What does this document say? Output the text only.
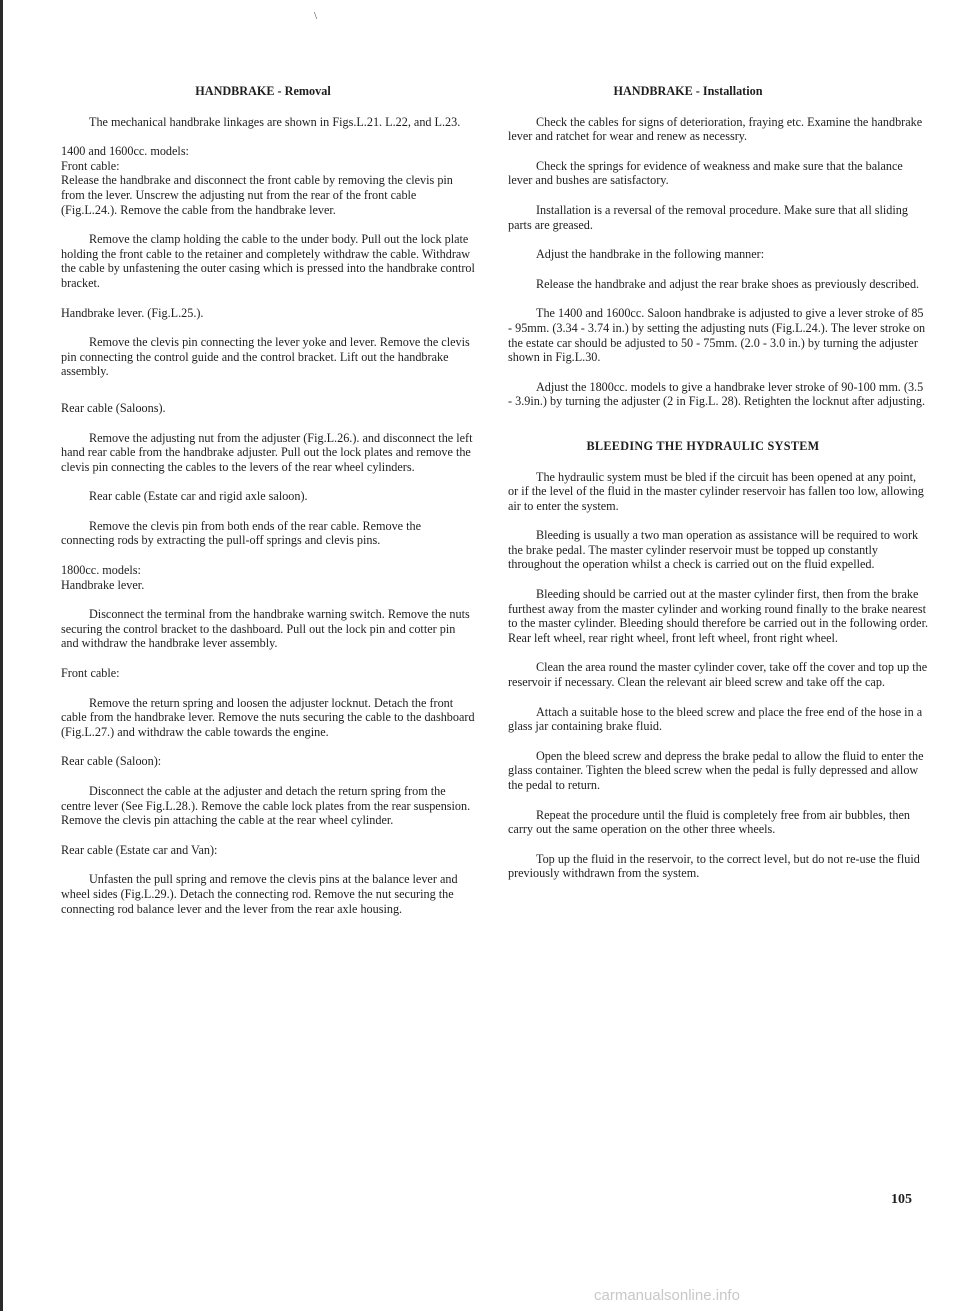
\
HANDBRAKE - Removal

The mechanical handbrake linkages are shown in Figs.L.21. L.22, and L.23.

1400 and 1600cc. models:

Front cable:

Release the handbrake and disconnect the front cable by removing the clevis pin from the lever. Unscrew the adjusting nut from the rear of the front cable (Fig.L.24.). Remove the cable from the handbrake lever.

Remove the clamp holding the cable to the under body. Pull out the lock plate holding the front cable to the retainer and completely withdraw the cable. Withdraw the cable by unfastening the outer casing which is pressed into the handbrake control bracket.

Handbrake lever. (Fig.L.25.).

Remove the clevis pin connecting the lever yoke and lever. Remove the clevis pin connecting the control guide and the control bracket. Lift out the handbrake assembly.

Rear cable (Saloons).

Remove the adjusting nut from the adjuster (Fig.L.26.). and disconnect the left hand rear cable from the handbrake adjuster. Pull out the lock plates and remove the clevis pin connecting the cables to the levers of the rear wheel cylinders.

Rear cable (Estate car and rigid axle saloon).

Remove the clevis pin from both ends of the rear cable. Remove the connecting rods by extracting the pull-off springs and clevis pins.

1800cc. models:

Handbrake lever.

Disconnect the terminal from the handbrake warning switch. Remove the nuts securing the control bracket to the dashboard. Pull out the lock pin and cotter pin and withdraw the handbrake lever assembly.

Front cable:

Remove the return spring and loosen the adjuster locknut. Detach the front cable from the handbrake lever. Remove the nuts securing the cable to the dashboard (Fig.L.27.) and withdraw the cable towards the engine.

Rear cable (Saloon):

Disconnect the cable at the adjuster and detach the return spring from the centre lever (See Fig.L.28.). Remove the cable lock plates from the rear suspension. Remove the clevis pin attaching the cable at the rear wheel cylinder.

Rear cable (Estate car and Van):

Unfasten the pull spring and remove the clevis pins at the balance lever and wheel sides (Fig.L.29.). Detach the connecting rod. Remove the nut securing the connecting rod balance lever and the lever from the rear axle housing.

HANDBRAKE - Installation

Check the cables for signs of deterioration, fraying etc. Examine the handbrake lever and ratchet for wear and renew as necessry.

Check the springs for evidence of weakness and make sure that the balance lever and bushes are satisfactory.

Installation is a reversal of the removal procedure. Make sure that all sliding parts are greased.

Adjust the handbrake in the following manner:

Release the handbrake and adjust the rear brake shoes as previously described.

The 1400 and 1600cc. Saloon handbrake is adjusted to give a lever stroke of 85 - 95mm. (3.34 - 3.74 in.) by setting the adjusting nuts (Fig.L.24.). The lever stroke on the estate car should be adjusted to 50 - 75mm. (2.0 - 3.0 in.) by turning the adjuster shown in Fig.L.30.

Adjust the 1800cc. models to give a handbrake lever stroke of 90-100 mm. (3.5 - 3.9in.) by turning the adjuster (2 in Fig.L. 28). Retighten the locknut after adjusting.

BLEEDING THE HYDRAULIC SYSTEM

The hydraulic system must be bled if the circuit has been opened at any point, or if the level of the fluid in the master cylinder reservoir has fallen too low, allowing air to enter the system.

Bleeding is usually a two man operation as assistance will be required to work the brake pedal. The master cylinder reservoir must be topped up constantly throughout the operation whilst a check is carried out on the fluid expelled.

Bleeding should be carried out at the master cylinder first, then from the brake furthest away from the master cylinder and working round finally to the brake nearest to the master cylinder. Bleeding should therefore be carried out in the following order. Rear left wheel, rear right wheel, front left wheel, front right wheel.

Clean the area round the master cylinder cover, take off the cover and top up the reservoir if necessary. Clean the relevant air bleed screw and take off the cap.

Attach a suitable hose to the bleed screw and place the free end of the hose in a glass jar containing brake fluid.

Open the bleed screw and depress the brake pedal to allow the fluid to enter the glass container. Tighten the bleed screw when the pedal is fully depressed and allow the pedal to return.

Repeat the procedure until the fluid is completely free from air bubbles, then carry out the same operation on the other three wheels.

Top up the fluid in the reservoir, to the correct level, but do not re-use the fluid previously withdrawn from the system.

105
carmanualsonline.info
